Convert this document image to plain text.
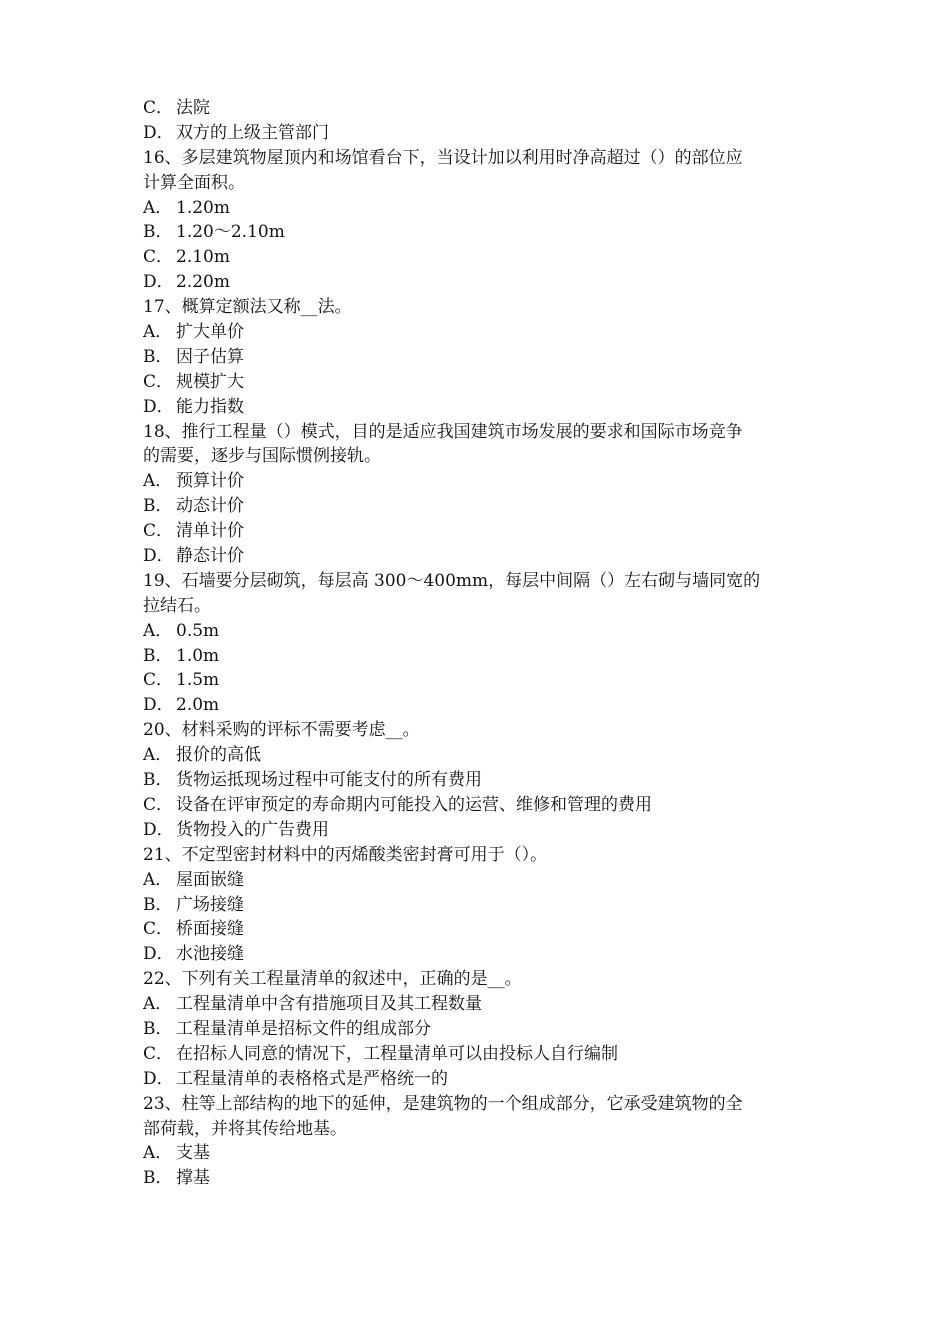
C． 法院
D． 双方的上级主管部门
16、多层建筑物屋顶内和场馆看台下，当设计加以利用时净高超过（）的部位应
计算全面积。
A． 1.20m
B． 1.20～2.10m
C． 2.10m
D． 2.20m
17、概算定额法又称__法。
A． 扩大单价
B． 因子估算
C． 规模扩大
D． 能力指数
18、推行工程量（）模式，目的是适应我国建筑市场发展的要求和国际市场竞争
的需要，逐步与国际惯例接轨。
A． 预算计价
B． 动态计价
C． 清单计价
D． 静态计价
19、石墙要分层砌筑，每层高 300～400mm，每层中间隔（）左右砌与墙同宽的
拉结石。
A． 0.5m
B． 1.0m
C． 1.5m
D． 2.0m
20、材料采购的评标不需要考虑__。
A． 报价的高低
B． 货物运抵现场过程中可能支付的所有费用
C． 设备在评审预定的寿命期内可能投入的运营、维修和管理的费用
D． 货物投入的广告费用
21、不定型密封材料中的丙烯酸类密封膏可用于（）。
A． 屋面嵌缝
B． 广场接缝
C． 桥面接缝
D． 水池接缝
22、下列有关工程量清单的叙述中，正确的是__。
A． 工程量清单中含有措施项目及其工程数量
B． 工程量清单是招标文件的组成部分
C． 在招标人同意的情况下，工程量清单可以由投标人自行编制
D． 工程量清单的表格格式是严格统一的
23、柱等上部结构的地下的延伸，是建筑物的一个组成部分，它承受建筑物的全
部荷载，并将其传给地基。
A． 支基
B． 撑基
